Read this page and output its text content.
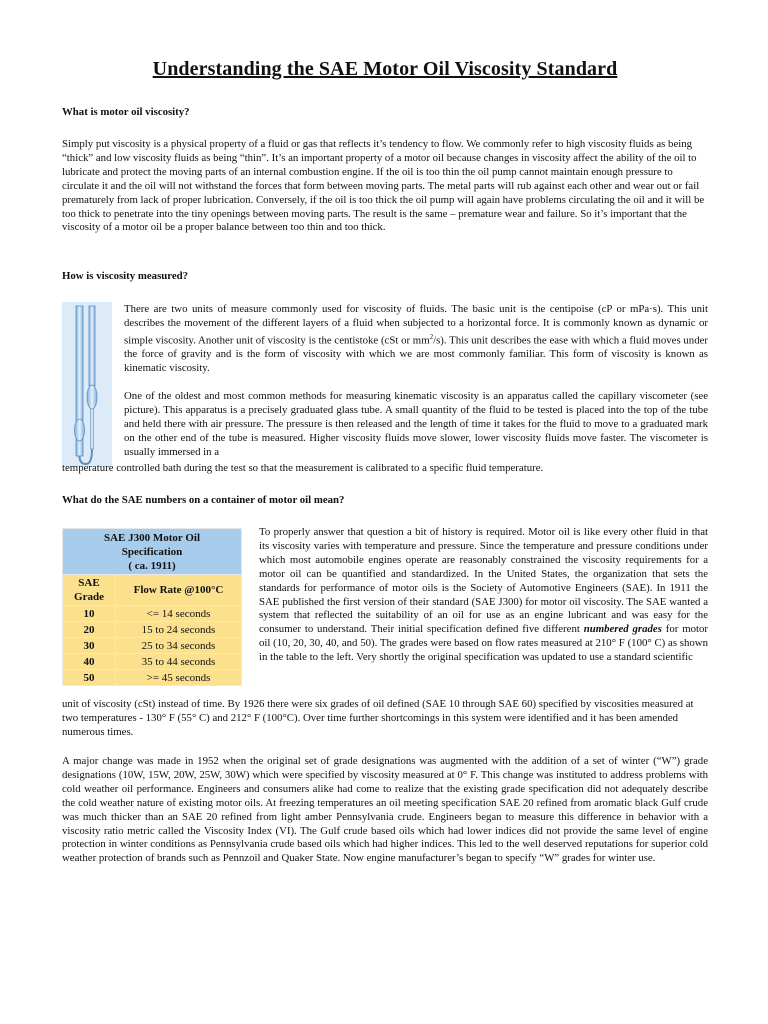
Understanding the SAE Motor Oil Viscosity Standard
What is motor oil viscosity?

Simply put viscosity is a physical property of a fluid or gas that reflects it’s tendency to flow. We commonly refer to high viscosity fluids as being “thick” and low viscosity fluids as being “thin”. It’s an important property of a motor oil because changes in viscosity affect the ability of the oil to lubricate and protect the moving parts of an internal combustion engine. If the oil is too thin the oil pump cannot maintain enough pressure to circulate it and the oil will not withstand the forces that form between moving parts. The metal parts will rub against each other and wear out or fail prematurely from lack of proper lubrication. Conversely, if the oil is too thick the oil pump will again have problems circulating the oil and it will be too thick to penetrate into the tiny openings between moving parts. The result is the same – premature wear and failure. So it’s important that the viscosity of a motor oil be a proper balance between too thin and too thick.

How is viscosity measured?

There are two units of measure commonly used for viscosity of fluids. The basic unit is the centipoise (cP or mPa·s). This unit describes the movement of the different layers of a fluid when subjected to a horizontal force. It is commonly known as dynamic or simple viscosity. Another unit of viscosity is the centistoke (cSt or $mm^2/s$). This unit describes the ease with which a fluid moves under the force of gravity and is the form of viscosity with which we are most commonly familiar. This form of viscosity is known as kinematic viscosity.

One of the oldest and most common methods for measuring kinematic viscosity is an apparatus called the capillary viscometer (see picture). This apparatus is a precisely graduated glass tube. A small quantity of the fluid to be tested is placed into the top of the tube and held there with air pressure. The pressure is then released and the length of time it takes for the fluid to move to a graduated mark on the other end of the tube is measured. Higher viscosity fluids move slower, lower viscosity fluids move faster. The viscometer is usually immersed in a

temperature controlled bath during the test so that the measurement is calibrated to a specific fluid temperature.

What do the SAE numbers on a container of motor oil mean?
SAE J300 Motor Oil
Specification
( ca. 1911)	

SAE
Grade	Flow Rate @100°C
10	<= 14 seconds
20	15 to 24 seconds
30	25 to 34 seconds
40	35 to 44 seconds
50	>= 45 seconds

To properly answer that question a bit of history is required. Motor oil is like every other fluid in that its viscosity varies with temperature and pressure. Since the temperature and pressure conditions under which most automobile engines operate are reasonably constrained the viscosity requirements for a motor oil can be quantified and standardized. In the United States, the organization that sets the standards for performance of motor oils is the Society of Automotive Engineers (SAE). In 1911 the SAE published the first version of their standard (SAE J300) for motor oil viscosity. The SAE wanted a system that reflected the suitability of an oil for use as an engine lubricant and was easy for the consumer to understand. Their initial specification defined five different numbered grades for motor oil (10, 20, 30, 40, and 50). The grades were based on flow rates measured at 210° F (100° C) as shown in the table to the left. Very shortly the original specification was updated to use a standard scientific

unit of viscosity (cSt) instead of time. By 1926 there were six grades of oil defined (SAE 10 through SAE 60) specified by viscosities measured at two temperatures - 130° F (55° C) and 212° F (100°C). Over time further shortcomings in this system were identified and it has been amended numerous times.

A major change was made in 1952 when the original set of grade designations was augmented with the addition of a set of winter (“W”) grade designations (10W, 15W, 20W, 25W, 30W) which were specified by viscosity measured at 0° F. This change was instituted to address problems with cold weather oil performance. Engineers and consumers alike had come to realize that the existing grade specification did not adequately describe the cold weather nature of existing motor oils. At freezing temperatures an oil meeting specification SAE 20 refined from aromatic black Gulf crude was much thicker than an SAE 20 refined from light amber Pennsylvania crude. Engineers began to measure this difference in behavior with a viscosity ratio metric called the Viscosity Index (VI). The Gulf crude based oils which had lower indices did not provide the same level of engine protection in winter conditions as Pennsylvania crude based oils which had higher indices. This led to the well deserved reputations for superior cold weather protection of brands such as Pennzoil and Quaker State. Now engine manufacturer’s began to specify “W” grades for winter use.
